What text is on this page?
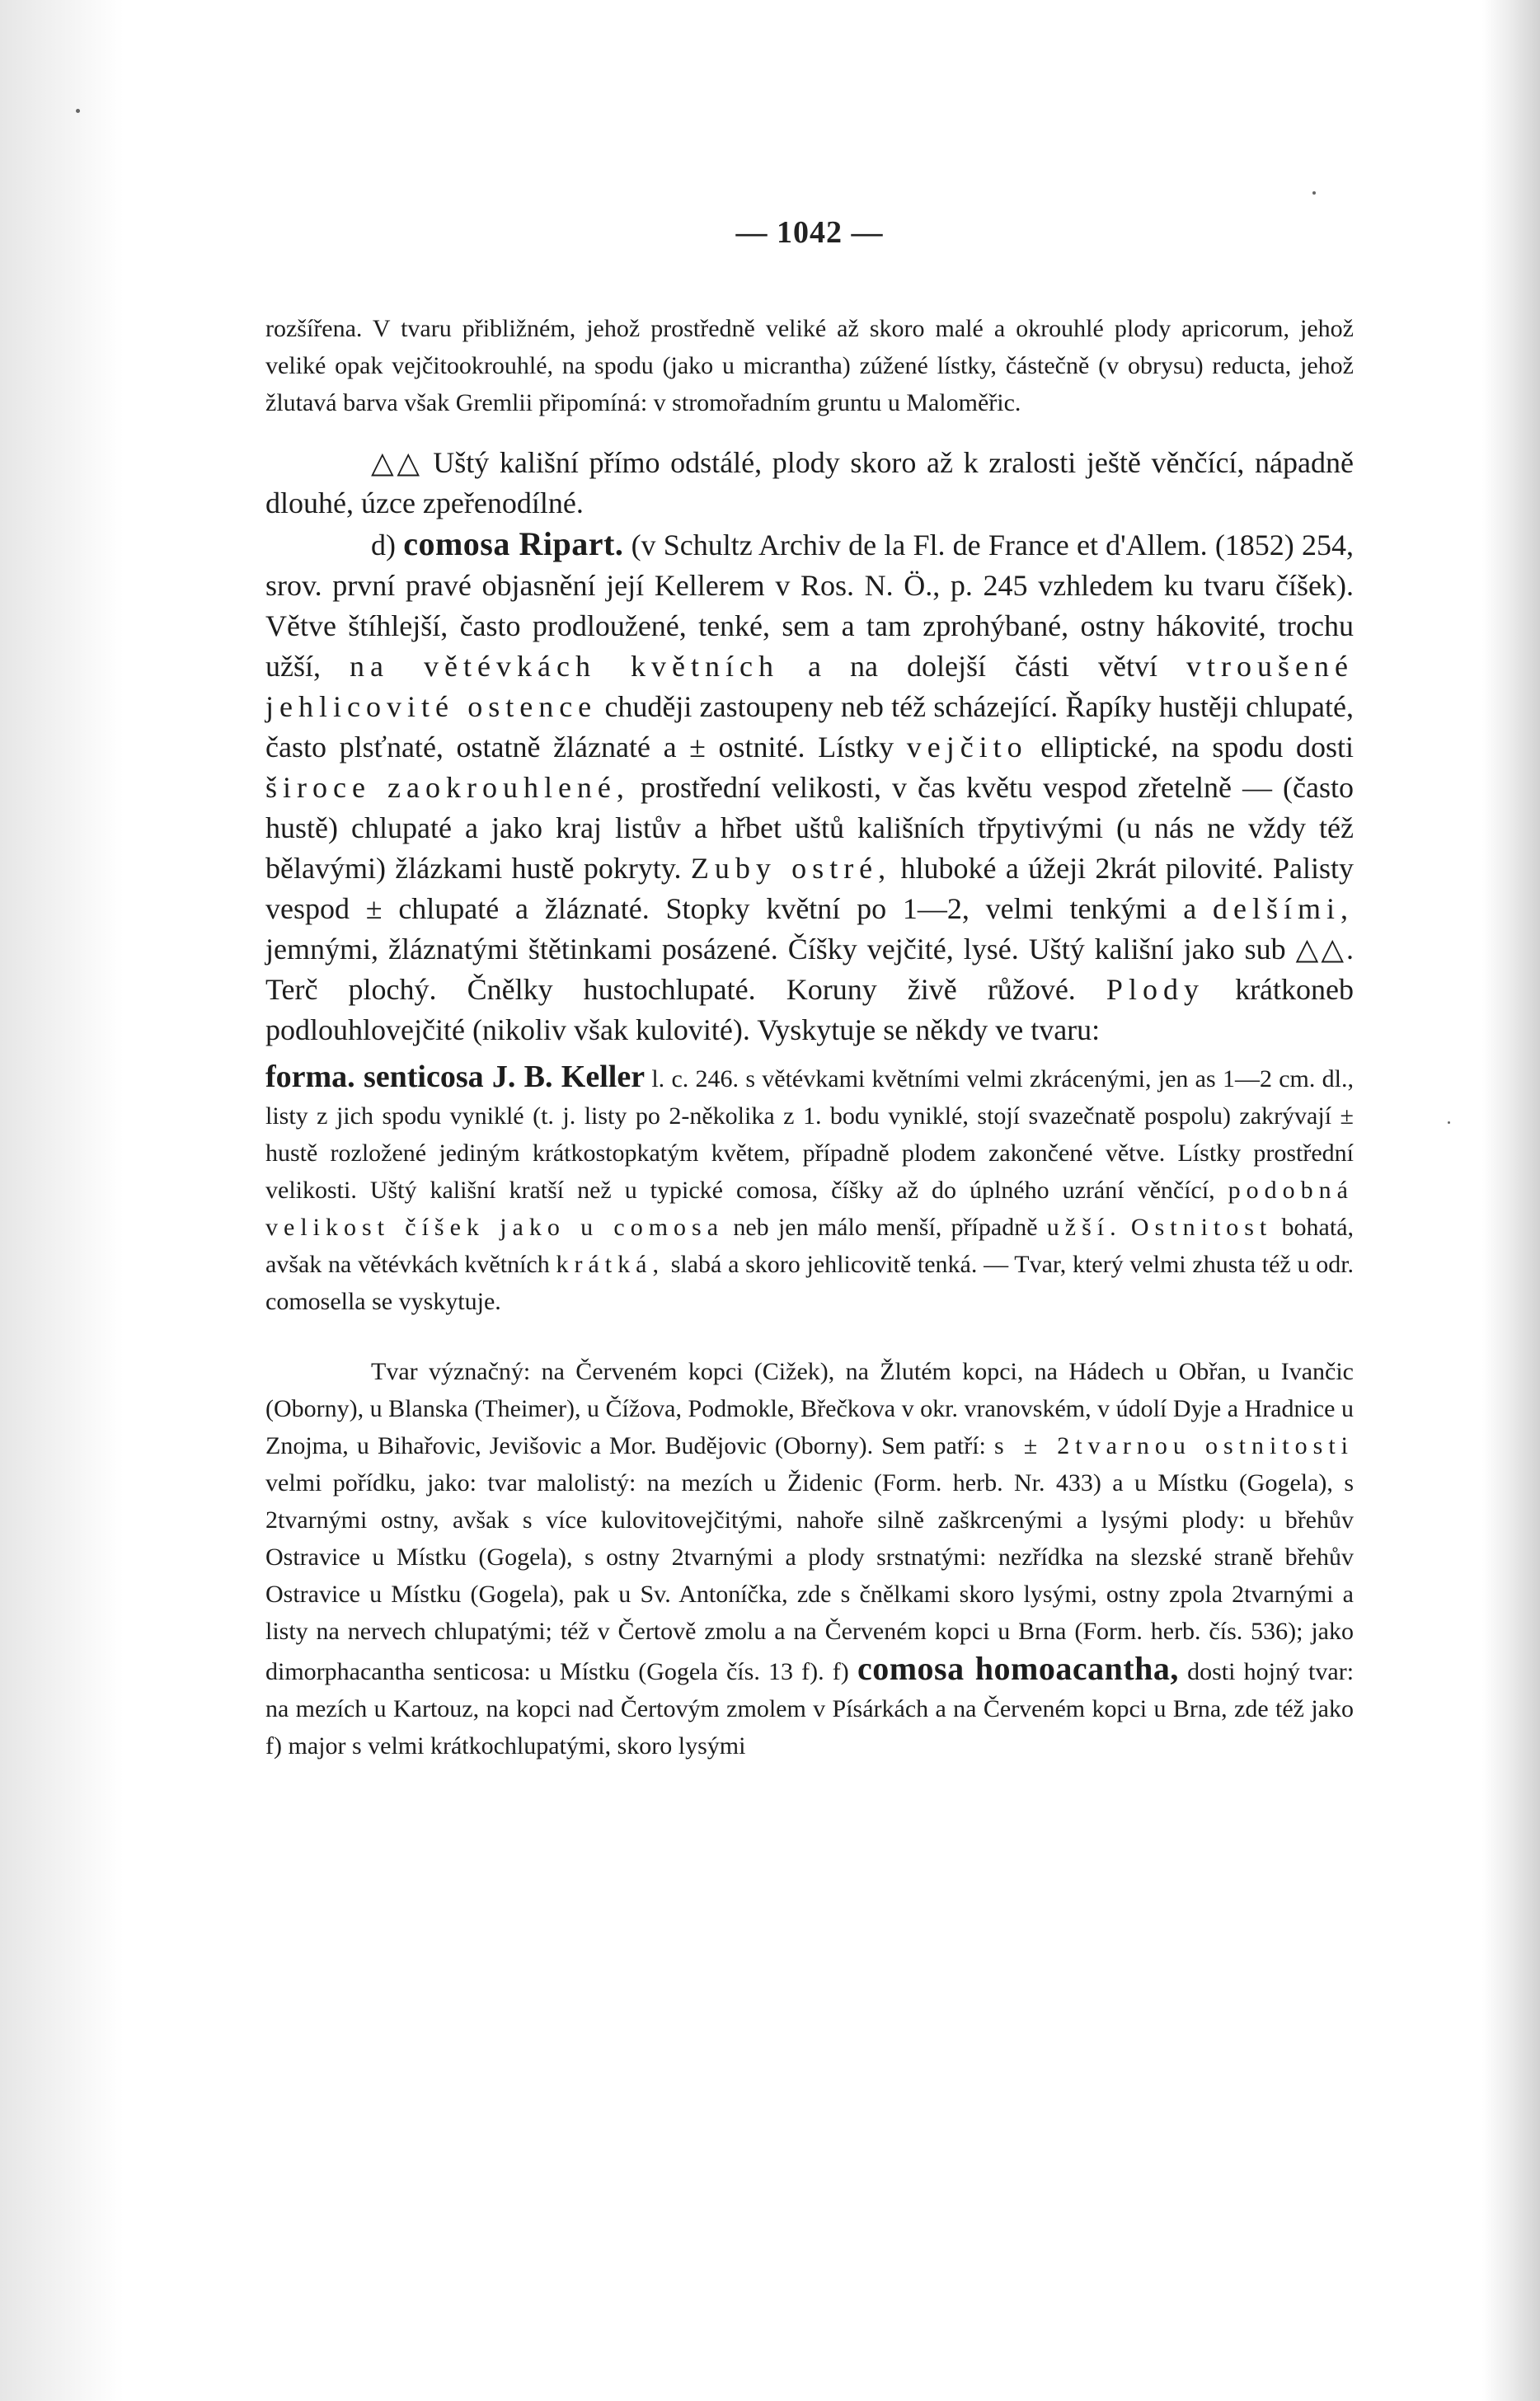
— 1042 —

rozšířena. V tvaru přibližném, jehož prostředně veliké až skoro malé a okrouhlé plody apricorum, jehož veliké opak vejčitookrouhlé, na spodu (jako u micrantha) zúžené lístky, částečně (v obrysu) reducta, jehož žlutavá barva však Gremlii připomíná: v stromořadním gruntu u Maloměřic.

△△ Uštý kališní přímo odstálé, plody skoro až k zralosti ještě věnčící, nápadně dlouhé, úzce zpeřenodílné.

d) comosa Ripart. (v Schultz Archiv de la Fl. de France et d'Allem. (1852) 254, srov. první pravé objasnění její Kellerem v Ros. N. Ö., p. 245 vzhledem ku tvaru číšek). Větve štíhlejší, často prodloužené, tenké, sem a tam zprohýbané, ostny hákovité, trochu užší, na větévkách květních a na dolejší části větví vtroušené jehlicovité ostence chuději zastoupeny neb též scházející. Řapíky hustěji chlupaté, často plsťnaté, ostatně žláznaté a ± ostnité. Lístky vejčito elliptické, na spodu dosti široce zaokrouhlené, prostřední velikosti, v čas květu vespod zřetelně — (často hustě) chlupaté a jako kraj listův a hřbet uštů kališních třpytivými (u nás ne vždy též bělavými) žlázkami hustě pokryty. Zuby ostré, hluboké a úžeji 2krát pilovité. Palisty vespod ± chlupaté a žláznaté. Stopky květní po 1—2, velmi tenkými a delšími, jemnými, žláznatými štětinkami posázené. Číšky vejčité, lysé. Uštý kališní jako sub △△. Terč plochý. Čnělky hustochlupaté. Koruny živě růžové. Plody krátkoneb podlouhlovejčité (nikoliv však kulovité). Vyskytuje se někdy ve tvaru:

forma. senticosa J. B. Keller l. c. 246. s větévkami květními velmi zkrácenými, jen as 1—2 cm. dl., listy z jich spodu vyniklé (t. j. listy po 2-několika z 1. bodu vyniklé, stojí svazečnatě pospolu) zakrývají ± hustě rozložené jediným krátkostopkatým květem, případně plodem zakončené větve. Lístky prostřední velikosti. Uštý kališní kratší než u typické comosa, číšky až do úplného uzrání věnčící, podobná velikost číšek jako u comosa neb jen málo menší, případně užší. Ostnitost bohatá, avšak na větévkách květních krátká, slabá a skoro jehlicovitě tenká. — Tvar, který velmi zhusta též u odr. comosella se vyskytuje.

Tvar význačný: na Červeném kopci (Cižek), na Žlutém kopci, na Hádech u Obřan, u Ivančic (Oborny), u Blanska (Theimer), u Čížova, Podmokle, Břečkova v okr. vranovském, v údolí Dyje a Hradnice u Znojma, u Bihařovic, Jevišovic a Mor. Budějovic (Oborny). Sem patří: s ± 2tvarnou ostnitosti velmi pořídku, jako: tvar malolistý: na mezích u Židenic (Form. herb. Nr. 433) a u Místku (Gogela), s 2tvarnými ostny, avšak s více kulovitovejčitými, nahoře silně zaškrcenými a lysými plody: u břehův Ostravice u Místku (Gogela), s ostny 2tvarnými a plody srstnatými: nezřídka na slezské straně břehův Ostravice u Místku (Gogela), pak u Sv. Antoníčka, zde s čnělkami skoro lysými, ostny zpola 2tvarnými a listy na nervech chlupatými; též v Čertově zmolu a na Červeném kopci u Brna (Form. herb. čís. 536); jako dimorphacantha senticosa: u Místku (Gogela čís. 13 f). f) comosa homoacantha, dosti hojný tvar: na mezích u Kartouz, na kopci nad Čertovým zmolem v Písárkách a na Červeném kopci u Brna, zde též jako f) major s velmi krátkochlupatými, skoro lysými
